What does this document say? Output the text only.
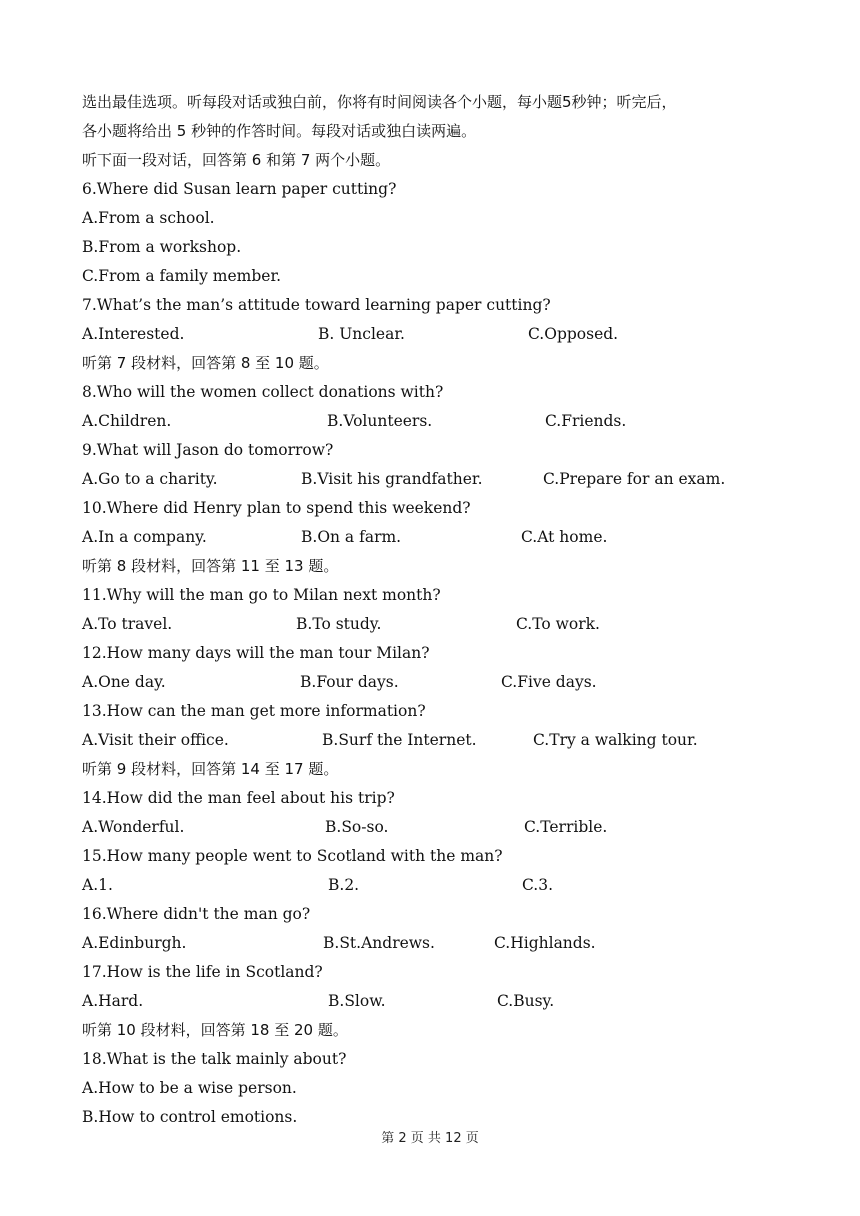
选出最佳选项。听每段对话或独白前，你将有时间阅读各个小题，每小题5秒钟；听完后，
各小题将给出 5 秒钟的作答时间。每段对话或独白读两遍。
听下面一段对话，回答第 6 和第 7 两个小题。
6.Where did Susan learn paper cutting?
A.From a school.
B.From a workshop.
C.From a family member.
7.What’s the man’s attitude toward learning paper cutting?
A.Interested.	B. Unclear.	C.Opposed.
听第 7 段材料，回答第 8 至 10 题。
8.Who will the women collect donations with?
A.Children.	B.Volunteers.	C.Friends.
9.What will Jason do tomorrow?
A.Go to a charity.	B.Visit his grandfather.	C.Prepare for an exam.
10.Where did Henry plan to spend this weekend?
A.In a company.	B.On a farm.	C.At home.
听第 8 段材料，回答第 11 至 13 题。
11.Why will the man go to Milan next month?
A.To travel.	B.To study.	C.To work.
12.How many days will the man tour Milan?
A.One day.	B.Four days.	C.Five days.
13.How can the man get more information?
A.Visit their office.	B.Surf the Internet.	C.Try a walking tour.
听第 9 段材料，回答第 14 至 17 题。
14.How did the man feel about his trip?
A.Wonderful.	B.So-so.	C.Terrible.
15.How many people went to Scotland with the man?
A.1.	B.2.	C.3.
16.Where didn't the man go?
A.Edinburgh.	B.St.Andrews.	C.Highlands.
17.How is the life in Scotland?
A.Hard.	B.Slow.	C.Busy.
听第 10 段材料，回答第 18 至 20 题。
18.What is the talk mainly about?
A.How to be a wise person.
B.How to control emotions.
第 2 页 共 12 页
